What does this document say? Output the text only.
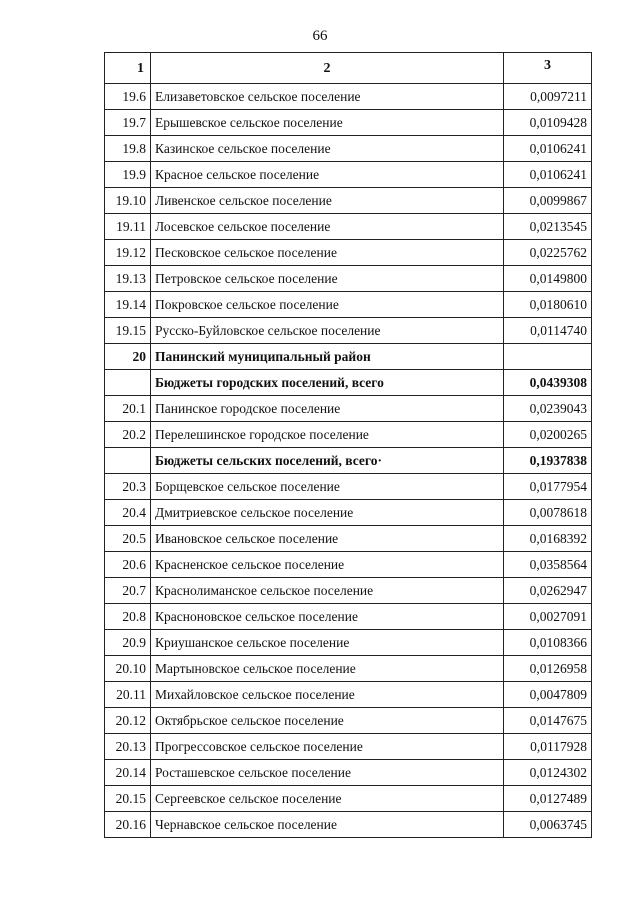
66
1	2	3
19.6	Елизаветовское сельское поселение	0,0097211
19.7	Ерышевское сельское поселение	0,0109428
19.8	Казинское сельское поселение	0,0106241
19.9	Красное сельское поселение	0,0106241
19.10	Ливенское сельское поселение	0,0099867
19.11	Лосевское сельское поселение	0,0213545
19.12	Песковское сельское поселение	0,0225762
19.13	Петровское сельское поселение	0,0149800
19.14	Покровское сельское поселение	0,0180610
19.15	Русско-Буйловское сельское поселение	0,0114740
20	Панинский муниципальный район	
	Бюджеты городских поселений, всего	0,0439308
20.1	Панинское городское поселение	0,0239043
20.2	Перелешинское городское поселение	0,0200265
	Бюджеты сельских поселений, всего·	0,1937838
20.3	Борщевское сельское поселение	0,0177954
20.4	Дмитриевское сельское поселение	0,0078618
20.5	Ивановское сельское поселение	0,0168392
20.6	Красненское сельское поселение	0,0358564
20.7	Краснолиманское сельское поселение	0,0262947
20.8	Красноновское сельское поселение	0,0027091
20.9	Криушанское сельское поселение	0,0108366
20.10	Мартыновское сельское поселение	0,0126958
20.11	Михайловское сельское поселение	0,0047809
20.12	Октябрьское сельское поселение	0,0147675
20.13	Прогрессовское сельское поселение	0,0117928
20.14	Росташевское сельское поселение	0,0124302
20.15	Сергеевское сельское поселение	0,0127489
20.16	Чернавское сельское поселение	0,0063745
